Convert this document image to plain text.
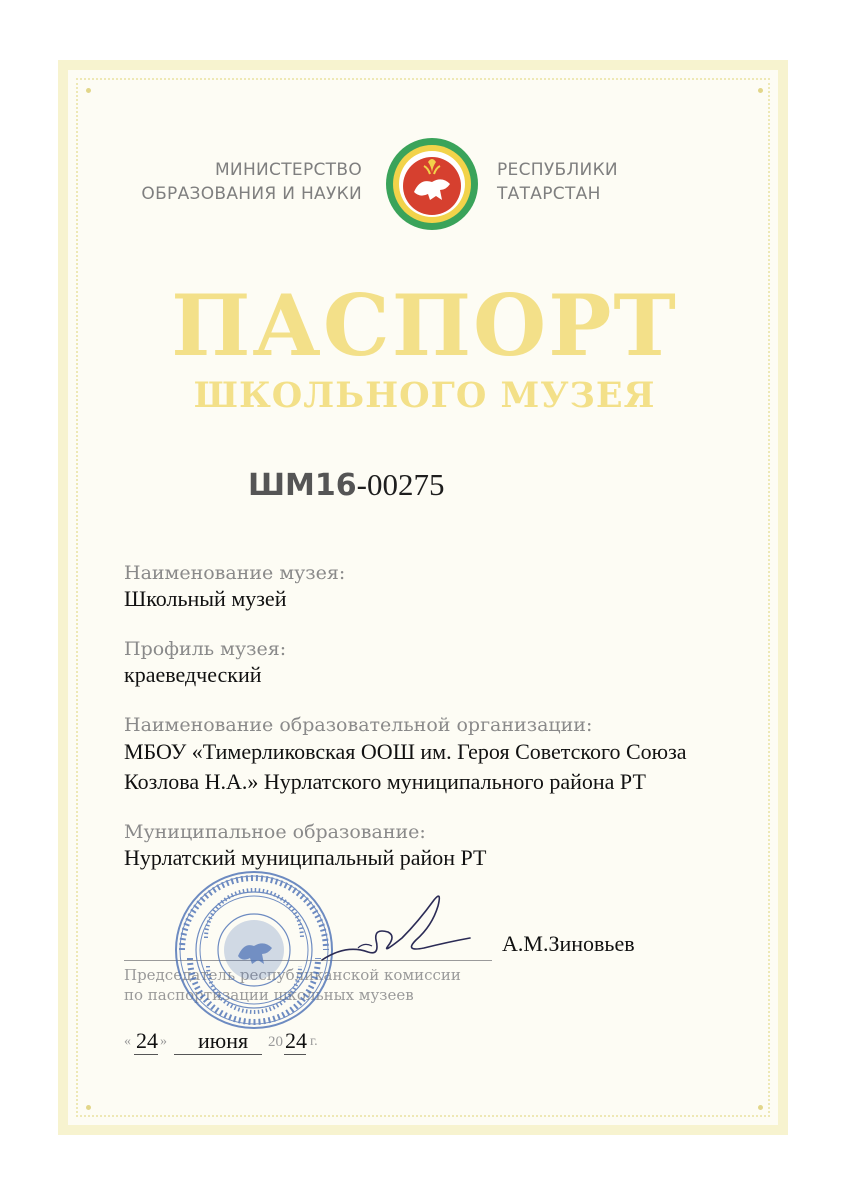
МИНИСТЕРСТВО
ОБРАЗОВАНИЯ И НАУКИ
РЕСПУБЛИКИ
ТАТАРСТАН
ПАСПОРТ
ШКОЛЬНОГО МУЗЕЯ
ШМ16-00275
Наименование музея:
Школьный музей
Профиль музея:
краеведческий
Наименование образовательной организации:
МБОУ «Тимерликовская ООШ им. Героя Советского Союза
Козлова Н.А.» Нурлатского муниципального района РТ
Муниципальное образование:
Нурлатский муниципальный район РТ
А.М.Зиновьев
Председатель республиканской комиссии
по паспортизации школьных музеев
« 24 » июня 20 24 г.
